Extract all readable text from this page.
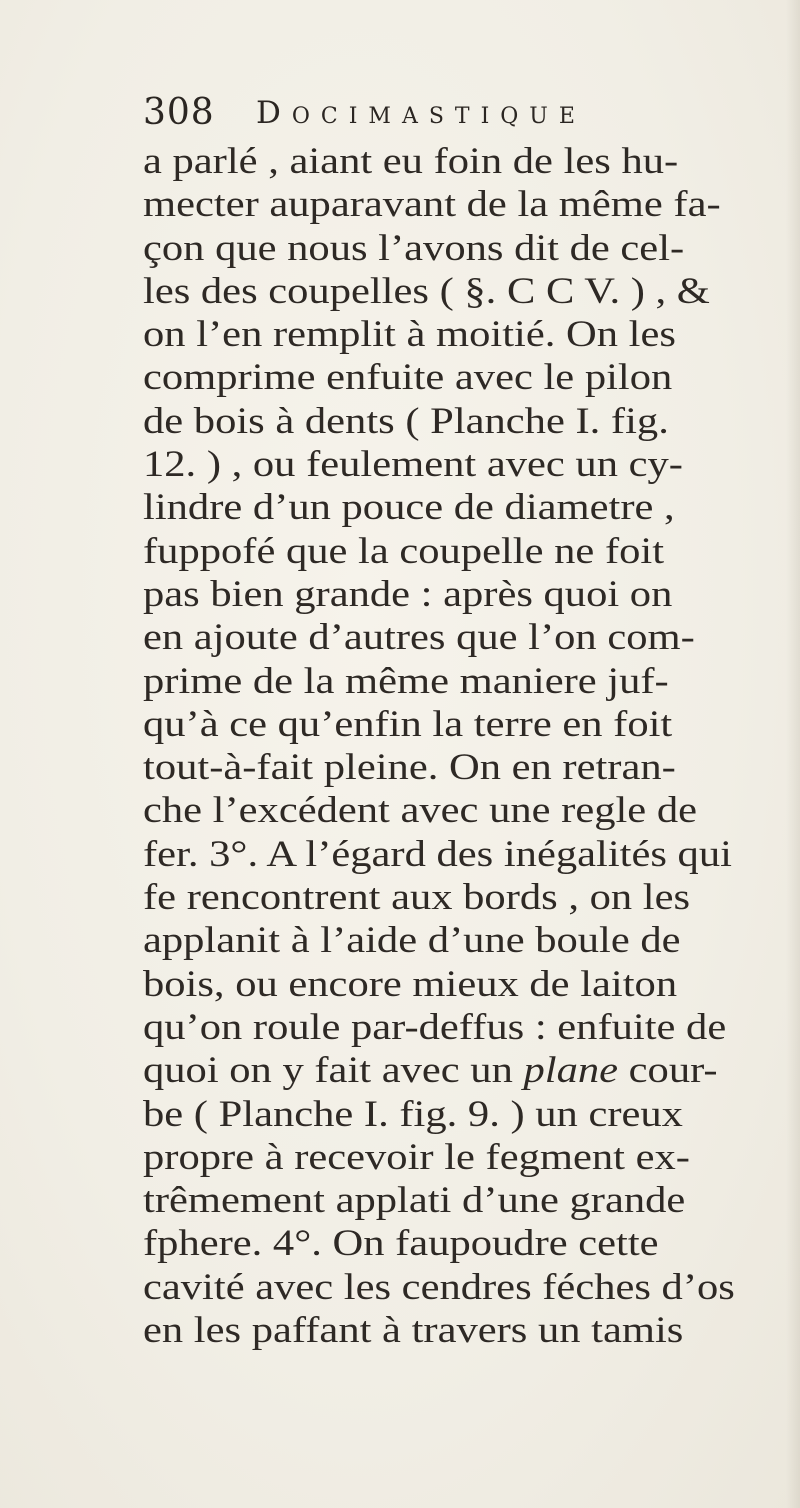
308 Docimastique
a parlé , aiant eu foin de les hu-
mecter auparavant de la même fa-
çon que nous l’avons dit de cel-
les des coupelles ( §. C C V. ) , &
on l’en remplit à moitié. On les
comprime enfuite avec le pilon
de bois à dents ( Planche I. fig.
12. ) , ou feulement avec un cy-
lindre d’un pouce de diametre ,
fuppofé que la coupelle ne foit
pas bien grande : après quoi on
en ajoute d’autres que l’on com-
prime de la même maniere juf-
qu’à ce qu’enfin la terre en foit
tout-à-fait pleine. On en retran-
che l’excédent avec une regle de
fer. 3°. A l’égard des inégalités qui
fe rencontrent aux bords , on les
applanit à l’aide d’une boule de
bois, ou encore mieux de laiton
qu’on roule par-deffus : enfuite de
quoi on y fait avec un plane cour-
be ( Planche I. fig. 9. ) un creux
propre à recevoir le fegment ex-
trêmement applati d’une grande
fphere. 4°. On faupoudre cette
cavité avec les cendres féches d’os
en les paffant à travers un tamis
